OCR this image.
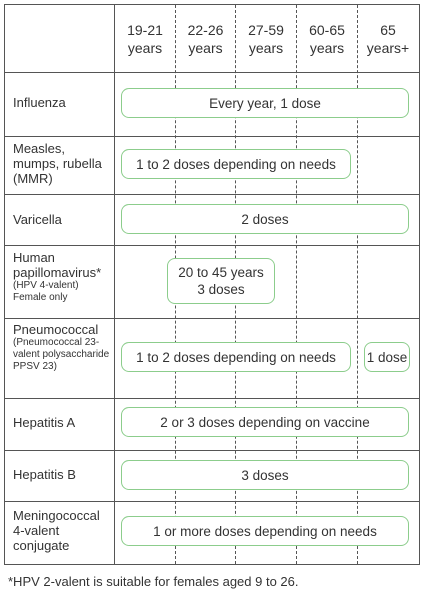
19-21 years
22-26 years
27-59 years
60-65 years
65 years+
Influenza
Measles, mumps, rubella (MMR)
Varicella
Human papillomavirus*
(HPV 4-valent) Female only
Pneumococcal
(Pneumococcal 23-valent polysaccharide PPSV 23)
Hepatitis A
Hepatitis B
Meningococcal 4-valent conjugate
Every year, 1 dose
1 to 2 doses depending on needs
2 doses
20 to 45 years 3 doses
1 to 2 doses depending on needs	1 dose
2 or 3 doses depending on vaccine
3 doses
1 or more doses depending on needs
*HPV 2-valent is suitable for females aged 9 to 26.
